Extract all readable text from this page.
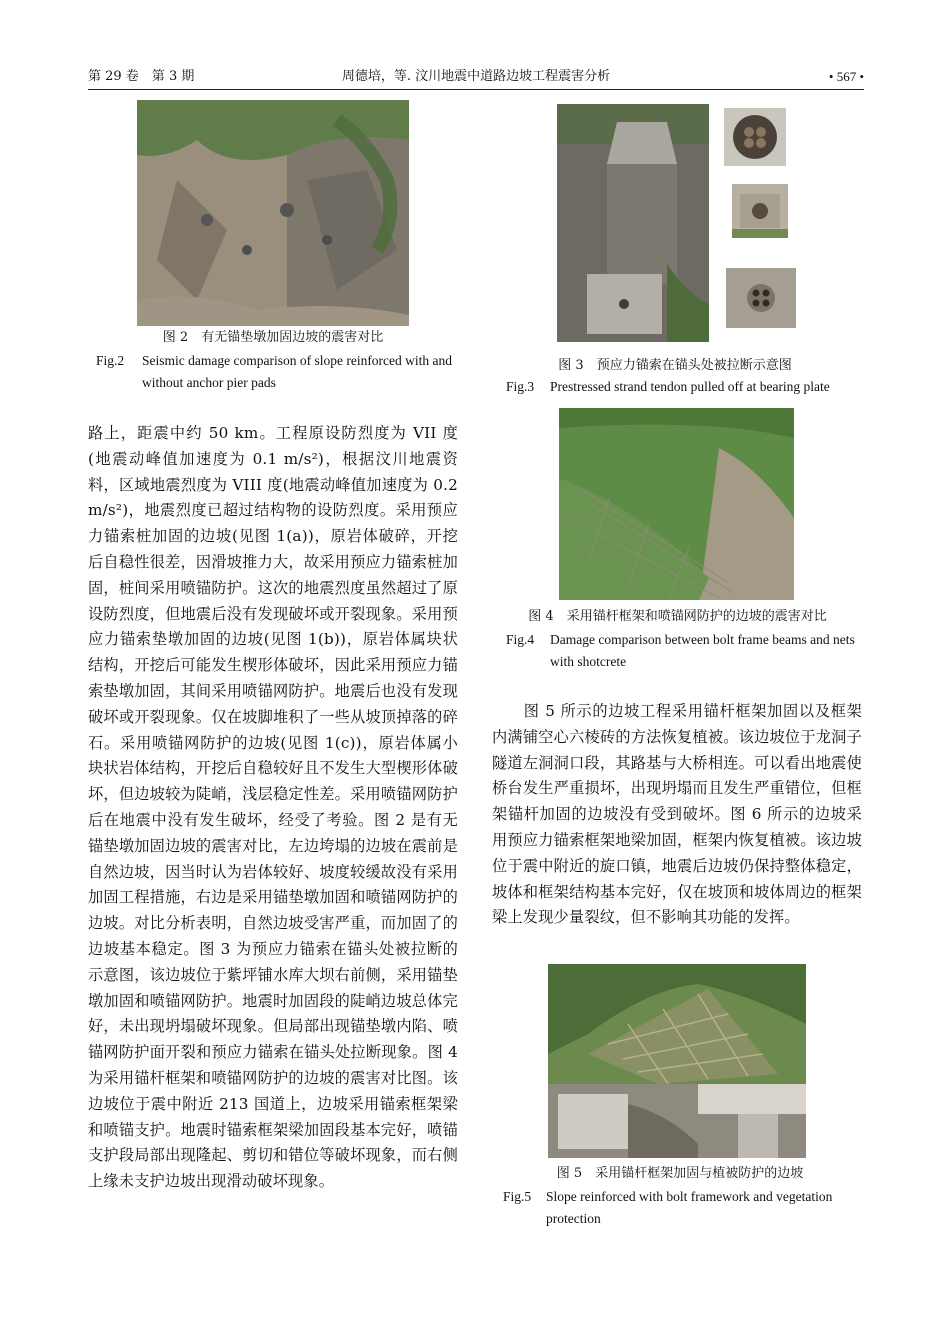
第 29 卷　第 3 期	周德培，等. 汶川地震中道路边坡工程震害分析	• 567 •
图 2　有无锚垫墩加固边坡的震害对比
Fig.2 Seismic damage comparison of slope reinforced with and without anchor pier pads
图 3　预应力锚索在锚头处被拉断示意图
Fig.3 Prestressed strand tendon pulled off at bearing plate
图 4　采用锚杆框架和喷锚网防护的边坡的震害对比
Fig.4 Damage comparison between bolt frame beams and nets with shotcrete
图 5　采用锚杆框架加固与植被防护的边坡
Fig.5 Slope reinforced with bolt framework and vegetation protection
路上，距震中约 50 km。工程原设防烈度为 VII 度(地震动峰值加速度为 0.1 m/s²)，根据汶川地震资料，区域地震烈度为 VIII 度(地震动峰值加速度为 0.2 m/s²)，地震烈度已超过结构物的设防烈度。采用预应力锚索桩加固的边坡(见图 1(a))，原岩体破碎，开挖后自稳性很差，因滑坡推力大，故采用预应力锚索桩加固，桩间采用喷锚防护。这次的地震烈度虽然超过了原设防烈度，但地震后没有发现破坏或开裂现象。采用预应力锚索垫墩加固的边坡(见图 1(b))，原岩体属块状结构，开挖后可能发生楔形体破坏，因此采用预应力锚索垫墩加固，其间采用喷锚网防护。地震后也没有发现破坏或开裂现象。仅在坡脚堆积了一些从坡顶掉落的碎石。采用喷锚网防护的边坡(见图 1(c))，原岩体属小块状岩体结构，开挖后自稳较好且不发生大型楔形体破坏，但边坡较为陡峭，浅层稳定性差。采用喷锚网防护后在地震中没有发生破坏，经受了考验。图 2 是有无锚垫墩加固边坡的震害对比，左边垮塌的边坡在震前是自然边坡，因当时认为岩体较好、坡度较缓故没有采用加固工程措施，右边是采用锚垫墩加固和喷锚网防护的边坡。对比分析表明，自然边坡受害严重，而加固了的边坡基本稳定。图 3 为预应力锚索在锚头处被拉断的示意图，该边坡位于紫坪铺水库大坝右前侧，采用锚垫墩加固和喷锚网防护。地震时加固段的陡峭边坡总体完好，未出现坍塌破坏现象。但局部出现锚垫墩内陷、喷锚网防护面开裂和预应力锚索在锚头处拉断现象。图 4 为采用锚杆框架和喷锚网防护的边坡的震害对比图。该边坡位于震中附近 213 国道上，边坡采用锚索框架梁和喷锚支护。地震时锚索框架梁加固段基本完好，喷锚支护段局部出现隆起、剪切和错位等破坏现象，而右侧上缘未支护边坡出现滑动破坏现象。
　　图 5 所示的边坡工程采用锚杆框架加固以及框架内满铺空心六棱砖的方法恢复植被。该边坡位于龙洞子隧道左洞洞口段，其路基与大桥相连。可以看出地震使桥台发生严重损坏，出现坍塌而且发生严重错位，但框架锚杆加固的边坡没有受到破坏。图 6 所示的边坡采用预应力锚索框架地梁加固，框架内恢复植被。该边坡位于震中附近的旋口镇，地震后边坡仍保持整体稳定，坡体和框架结构基本完好，仅在坡顶和坡体周边的框架梁上发现少量裂纹，但不影响其功能的发挥。
